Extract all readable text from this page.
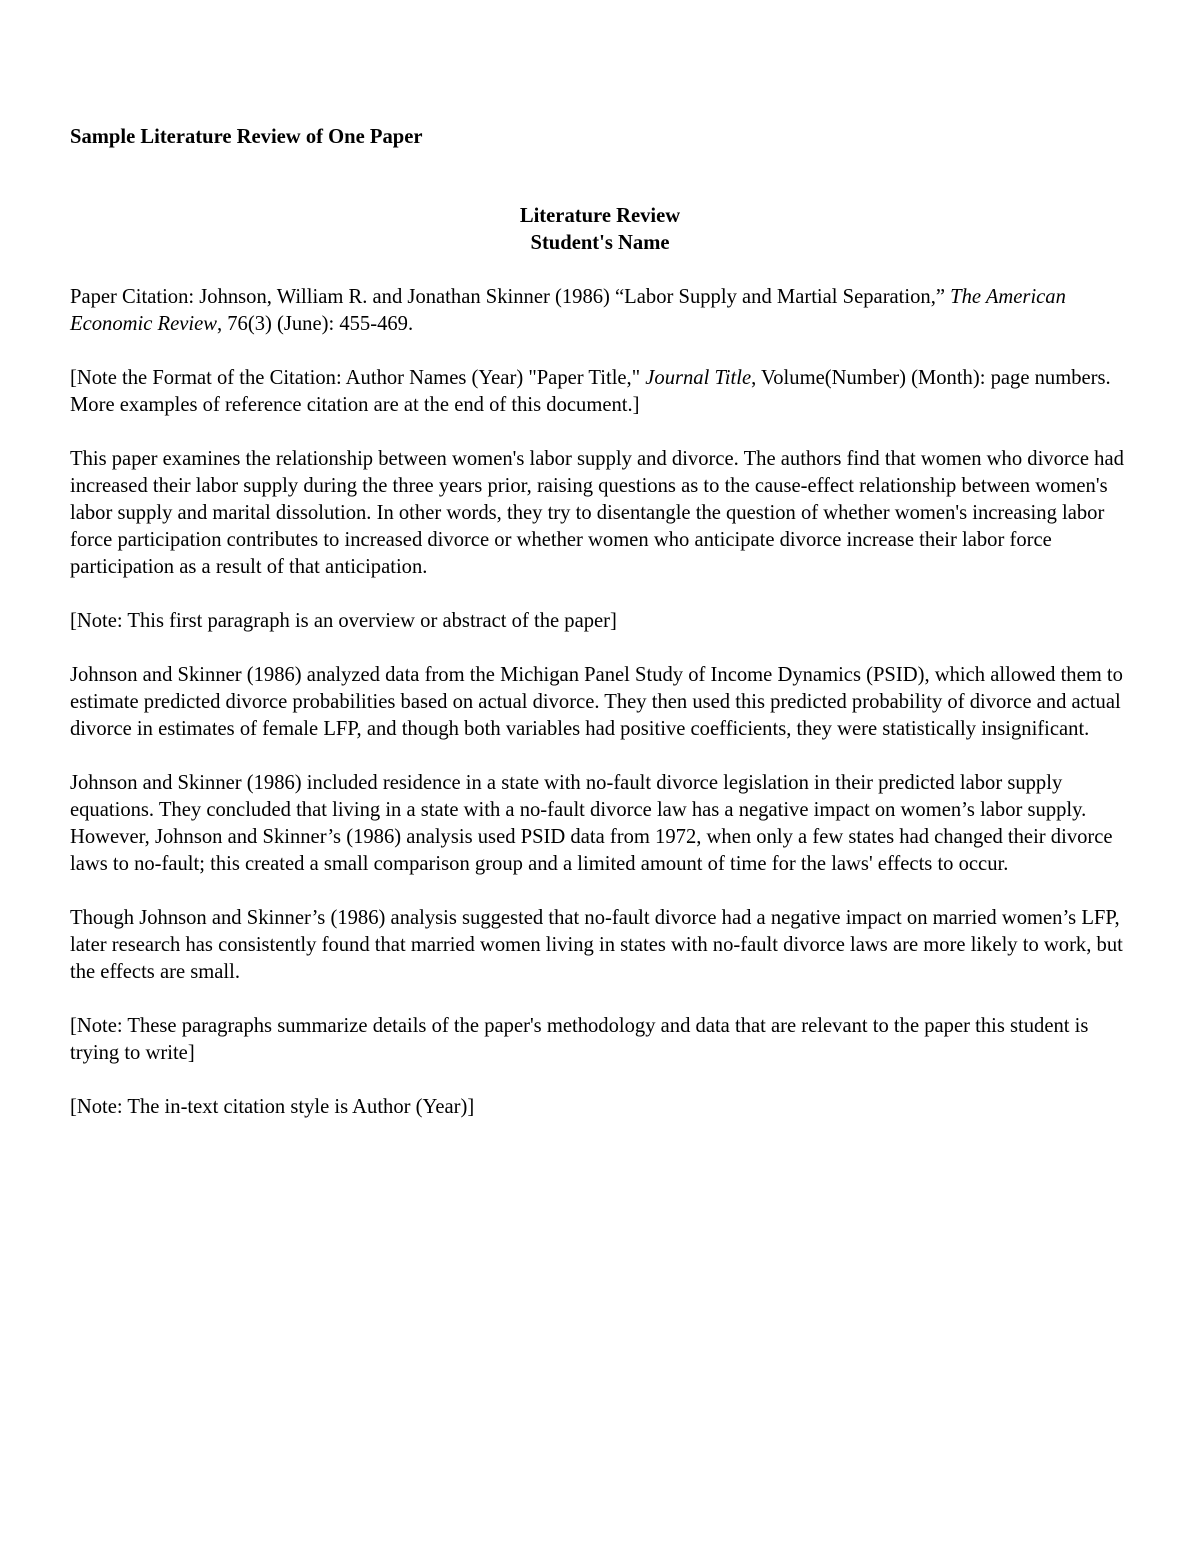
Sample Literature Review of One Paper
Literature Review
Student's Name

Paper Citation: Johnson, William R. and Jonathan Skinner (1986) “Labor Supply and Martial Separation,” The American Economic Review, 76(3) (June): 455-469.

[Note the Format of the Citation: Author Names (Year) "Paper Title," Journal Title, Volume(Number) (Month): page numbers. More examples of reference citation are at the end of this document.]

This paper examines the relationship between women's labor supply and divorce. The authors find that women who divorce had increased their labor supply during the three years prior, raising questions as to the cause-effect relationship between women's labor supply and marital dissolution. In other words, they try to disentangle the question of whether women's increasing labor force participation contributes to increased divorce or whether women who anticipate divorce increase their labor force participation as a result of that anticipation.

[Note: This first paragraph is an overview or abstract of the paper]

Johnson and Skinner (1986) analyzed data from the Michigan Panel Study of Income Dynamics (PSID), which allowed them to estimate predicted divorce probabilities based on actual divorce. They then used this predicted probability of divorce and actual divorce in estimates of female LFP, and though both variables had positive coefficients, they were statistically insignificant.

Johnson and Skinner (1986) included residence in a state with no-fault divorce legislation in their predicted labor supply equations. They concluded that living in a state with a no-fault divorce law has a negative impact on women’s labor supply. However, Johnson and Skinner’s (1986) analysis used PSID data from 1972, when only a few states had changed their divorce laws to no-fault; this created a small comparison group and a limited amount of time for the laws' effects to occur.

Though Johnson and Skinner’s (1986) analysis suggested that no-fault divorce had a negative impact on married women’s LFP, later research has consistently found that married women living in states with no-fault divorce laws are more likely to work, but the effects are small.

[Note: These paragraphs summarize details of the paper's methodology and data that are relevant to the paper this student is trying to write]

[Note: The in-text citation style is Author (Year)]
